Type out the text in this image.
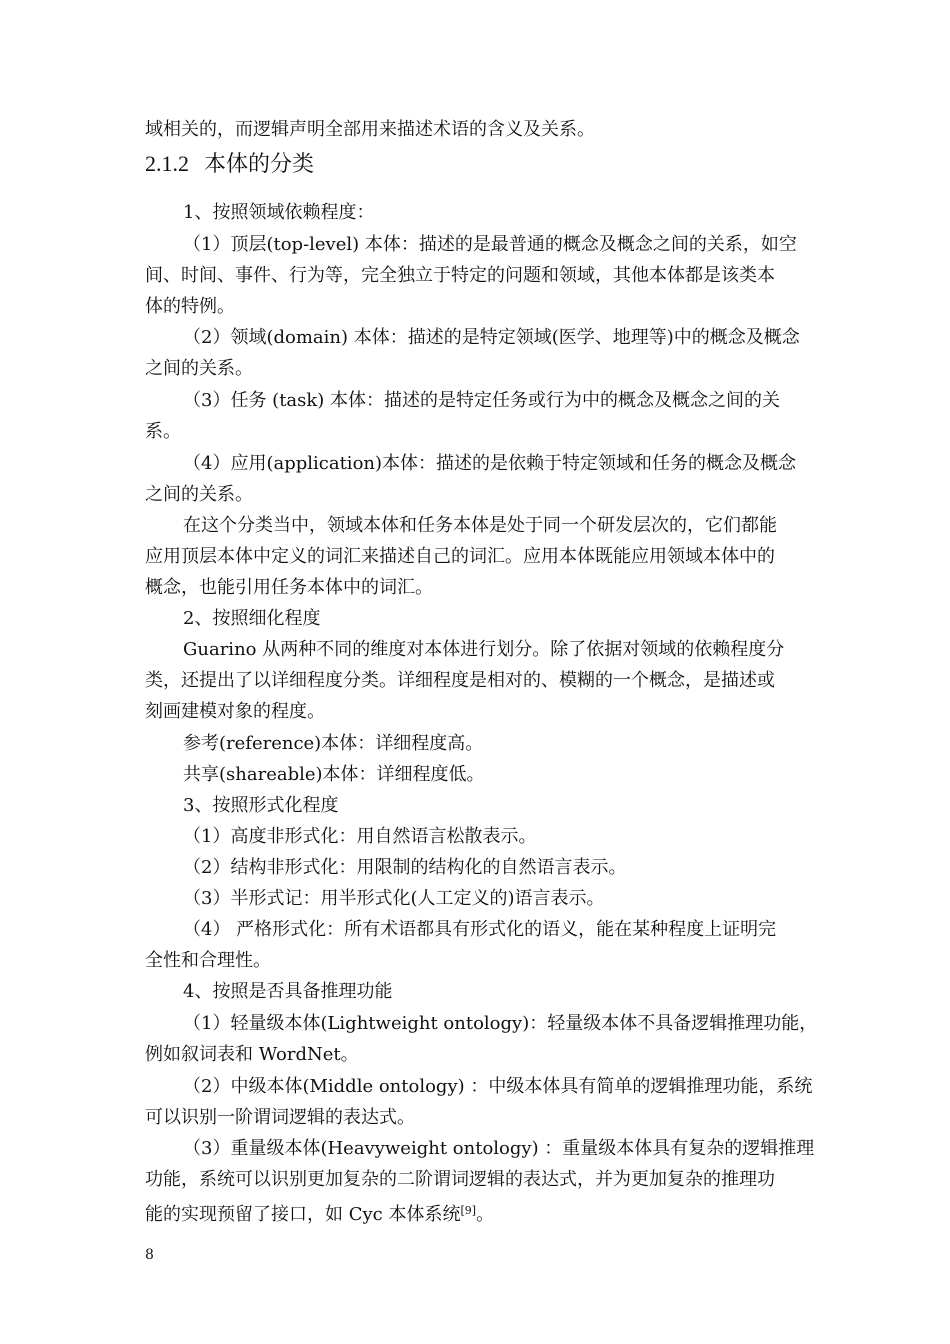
域相关的，而逻辑声明全部用来描述术语的含义及关系。
2.1.2 本体的分类
1、按照领域依赖程度：
（1）顶层(top-level) 本体：描述的是最普通的概念及概念之间的关系，如空
间、时间、事件、行为等，完全独立于特定的问题和领域，其他本体都是该类本
体的特例。
（2）领域(domain) 本体：描述的是特定领域(医学、地理等)中的概念及概念
之间的关系。
（3）任务 (task) 本体：描述的是特定任务或行为中的概念及概念之间的关
系。
（4）应用(application)本体：描述的是依赖于特定领域和任务的概念及概念
之间的关系。
在这个分类当中，领域本体和任务本体是处于同一个研发层次的，它们都能
应用顶层本体中定义的词汇来描述自己的词汇。应用本体既能应用领域本体中的
概念，也能引用任务本体中的词汇。
2、按照细化程度
Guarino 从两种不同的维度对本体进行划分。除了依据对领域的依赖程度分
类，还提出了以详细程度分类。详细程度是相对的、模糊的一个概念，是描述或
刻画建模对象的程度。
参考(reference)本体：详细程度高。
共享(shareable)本体：详细程度低。
3、按照形式化程度
（1）高度非形式化：用自然语言松散表示。
（2）结构非形式化：用限制的结构化的自然语言表示。
（3）半形式记：用半形式化(人工定义的)语言表示。
（4） 严格形式化：所有术语都具有形式化的语义，能在某种程度上证明完
全性和合理性。
4、按照是否具备推理功能
（1）轻量级本体(Lightweight ontology)：轻量级本体不具备逻辑推理功能，
例如叙词表和 WordNet。
（2）中级本体(Middle ontology) ：中级本体具有简单的逻辑推理功能，系统
可以识别一阶谓词逻辑的表达式。
（3）重量级本体(Heavyweight ontology) ：重量级本体具有复杂的逻辑推理
功能，系统可以识别更加复杂的二阶谓词逻辑的表达式，并为更加复杂的推理功
能的实现预留了接口，如 Cyc 本体系统[9]。
8
